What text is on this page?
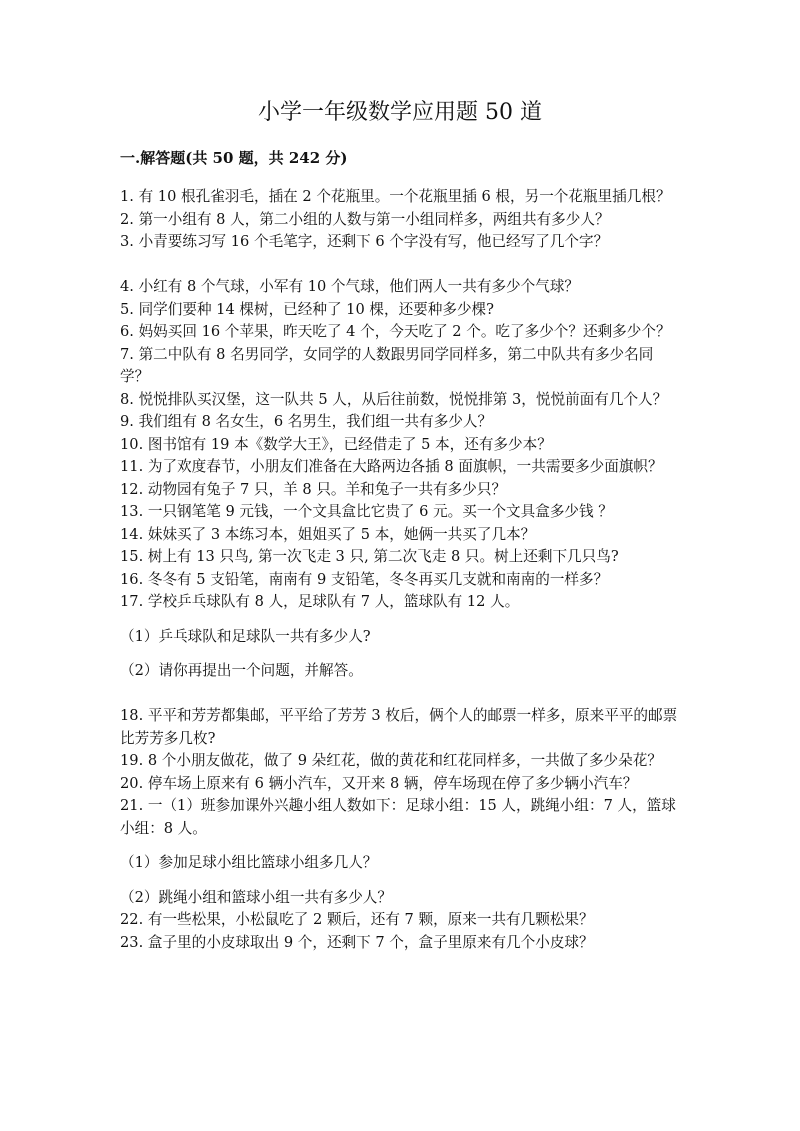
小学一年级数学应用题 50 道
一.解答题(共 50 题，共 242 分)

1. 有 10 根孔雀羽毛，插在 2 个花瓶里。一个花瓶里插 6 根，另一个花瓶里插几根？

2. 第一小组有 8 人，第二小组的人数与第一小组同样多，两组共有多少人？

3. 小青要练习写 16 个毛笔字，还剩下 6 个字没有写，他已经写了几个字？

4. 小红有 8 个气球，小军有 10 个气球，他们两人一共有多少个气球？

5. 同学们要种 14 棵树，已经种了 10 棵，还要种多少棵?

6. 妈妈买回 16 个苹果，昨天吃了 4 个，今天吃了 2 个。吃了多少个？还剩多少个？

7. 第二中队有 8 名男同学，女同学的人数跟男同学同样多，第二中队共有多少名同学？

8. 悦悦排队买汉堡，这一队共 5 人，从后往前数，悦悦排第 3，悦悦前面有几个人？

9. 我们组有 8 名女生，6 名男生，我们组一共有多少人？

10. 图书馆有 19 本《数学大王》，已经借走了 5 本，还有多少本？

11. 为了欢度春节，小朋友们准备在大路两边各插 8 面旗帜，一共需要多少面旗帜？

12. 动物园有兔子 7 只，羊 8 只。羊和兔子一共有多少只？

13. 一只钢笔笔 9 元钱，一个文具盒比它贵了 6 元。买一个文具盒多少钱 ？

14. 妹妹买了 3 本练习本，姐姐买了 5 本，她俩一共买了几本？

15. 树上有 13 只鸟, 第一次飞走 3 只, 第二次飞走 8 只。树上还剩下几只鸟?

16. 冬冬有 5 支铅笔，南南有 9 支铅笔，冬冬再买几支就和南南的一样多？

17. 学校乒乓球队有 8 人，足球队有 7 人，篮球队有 12 人。

（1）乒乓球队和足球队一共有多少人?

（2）请你再提出一个问题，并解答。

18. 平平和芳芳都集邮，平平给了芳芳 3 枚后，俩个人的邮票一样多，原来平平的邮票比芳芳多几枚?

19. 8 个小朋友做花，做了 9 朵红花，做的黄花和红花同样多，一共做了多少朵花？

20. 停车场上原来有 6 辆小汽车，又开来 8 辆，停车场现在停了多少辆小汽车？

21. 一（1）班参加课外兴趣小组人数如下：足球小组：15 人，跳绳小组：7 人，篮球小组：8 人。

（1）参加足球小组比篮球小组多几人？

（2）跳绳小组和篮球小组一共有多少人？

22. 有一些松果，小松鼠吃了 2 颗后，还有 7 颗，原来一共有几颗松果？

23. 盒子里的小皮球取出 9 个，还剩下 7 个，盒子里原来有几个小皮球？
